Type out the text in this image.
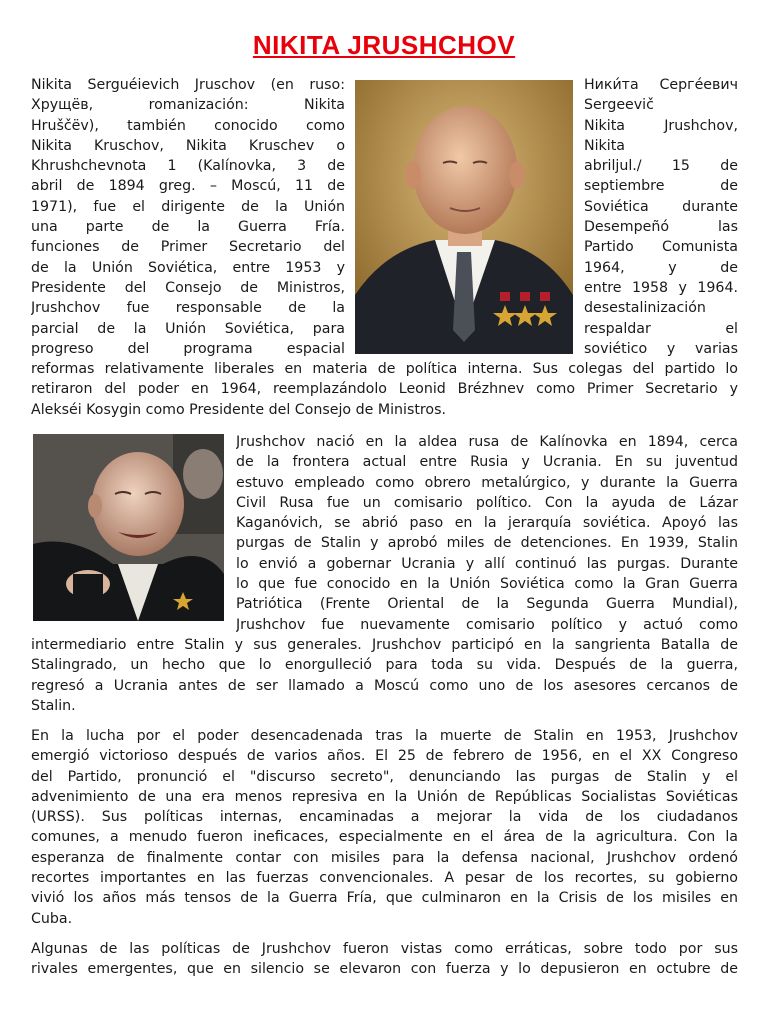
NIKITA JRUSHCHOV
Nikita Serguéievich Jruschov (en ruso:
Хрущёв, romanización: Nikita
Hruščëv), también conocido como
Nikita Kruschov, Nikita Kruschev o
Khrushchevnota 1 (Kalínovka, 3 de
abril de 1894 greg. – Moscú, 11 de
1971), fue el dirigente de la Unión
una parte de la Guerra Fría.
funciones de Primer Secretario del
de la Unión Soviética, entre 1953 y
Presidente del Consejo de Ministros,
Jrushchov fue responsable de la
parcial de la Unión Soviética, para
progreso del programa espacial
Ники́та Серге́евич
Sergeevič
Nikita Jrushchov,
Nikita
abriljul./ 15 de
septiembre de
Soviética durante
Desempeñó las
Partido Comunista
1964, y de
entre 1958 y 1964.
desestalinización
respaldar el
soviético y varias
reformas relativamente liberales en materia de política interna. Sus colegas del partido lo
retiraron del poder en 1964, reemplazándolo Leonid Brézhnev como Primer Secretario y
Alekséi Kosygin como Presidente del Consejo de Ministros.
Jrushchov nació en la aldea rusa de Kalínovka en 1894, cerca
de la frontera actual entre Rusia y Ucrania. En su juventud
estuvo empleado como obrero metalúrgico, y durante la Guerra
Civil Rusa fue un comisario político. Con la ayuda de Lázar
Kaganóvich, se abrió paso en la jerarquía soviética. Apoyó las
purgas de Stalin y aprobó miles de detenciones. En 1939, Stalin
lo envió a gobernar Ucrania y allí continuó las purgas. Durante
lo que fue conocido en la Unión Soviética como la Gran Guerra
Patriótica (Frente Oriental de la Segunda Guerra Mundial),
Jrushchov fue nuevamente comisario político y actuó como
intermediario entre Stalin y sus generales. Jrushchov participó en la sangrienta Batalla de
Stalingrado, un hecho que lo enorgulleció para toda su vida. Después de la guerra,
regresó a Ucrania antes de ser llamado a Moscú como uno de los asesores cercanos de
Stalin.
En la lucha por el poder desencadenada tras la muerte de Stalin en 1953, Jrushchov
emergió victorioso después de varios años. El 25 de febrero de 1956, en el XX Congreso
del Partido, pronunció el "discurso secreto", denunciando las purgas de Stalin y el
advenimiento de una era menos represiva en la Unión de Repúblicas Socialistas Soviéticas
(URSS). Sus políticas internas, encaminadas a mejorar la vida de los ciudadanos
comunes, a menudo fueron ineficaces, especialmente en el área de la agricultura. Con la
esperanza de finalmente contar con misiles para la defensa nacional, Jrushchov ordenó
recortes importantes en las fuerzas convencionales. A pesar de los recortes, su gobierno
vivió los años más tensos de la Guerra Fría, que culminaron en la Crisis de los misiles en
Cuba.
Algunas de las políticas de Jrushchov fueron vistas como erráticas, sobre todo por sus
rivales emergentes, que en silencio se elevaron con fuerza y lo depusieron en octubre de
